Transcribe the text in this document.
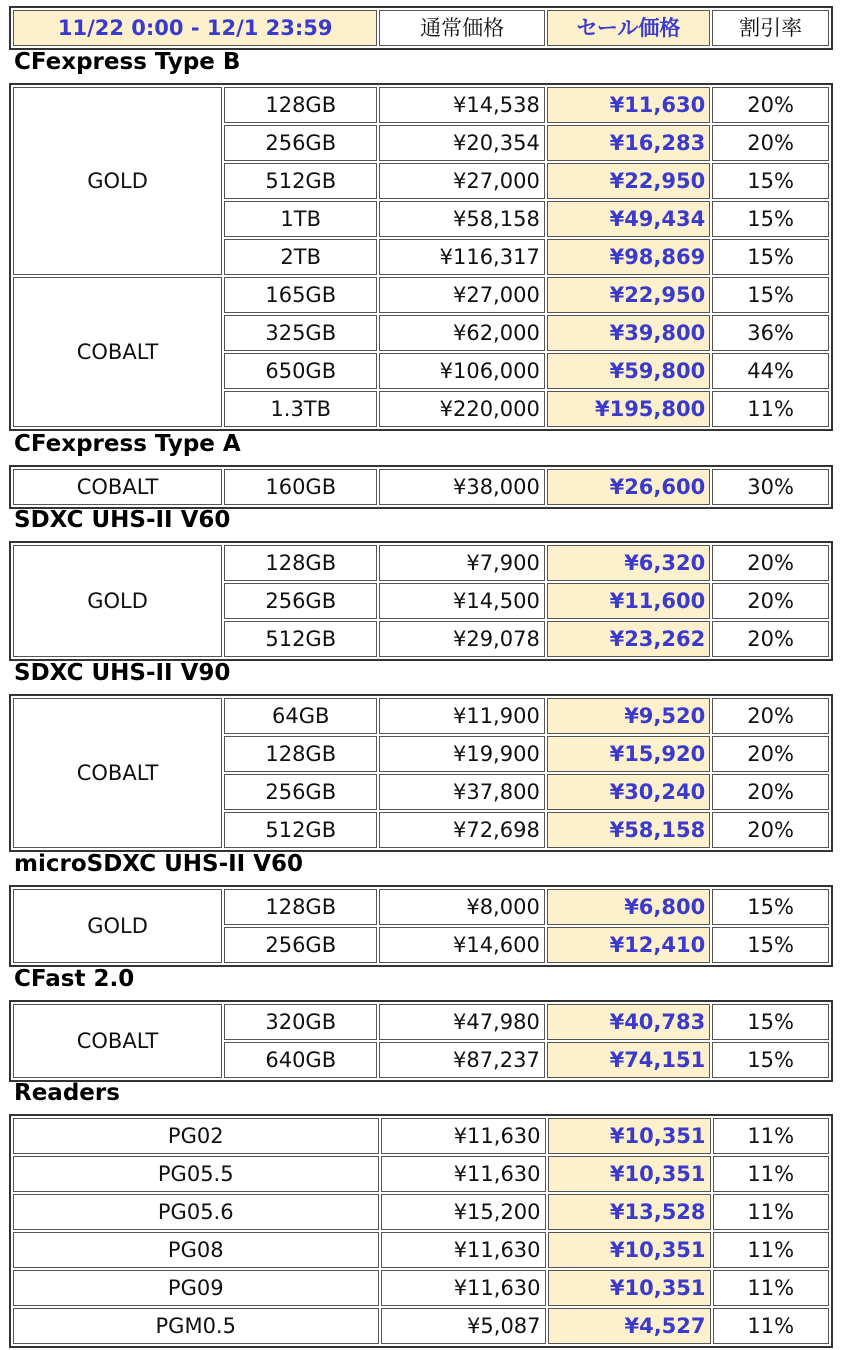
11/22 0:00 - 12/1 23:59	通常価格	セール価格	割引率
CFexpress Type B
GOLD	128GB	¥14,538	¥11,630	20%
	256GB	¥20,354	¥16,283	20%
	512GB	¥27,000	¥22,950	15%
	1TB	¥58,158	¥49,434	15%
	2TB	¥116,317	¥98,869	15%
COBALT	165GB	¥27,000	¥22,950	15%
	325GB	¥62,000	¥39,800	36%
	650GB	¥106,000	¥59,800	44%
	1.3TB	¥220,000	¥195,800	11%
CFexpress Type A
COBALT	160GB	¥38,000	¥26,600	30%
SDXC UHS-II V60
GOLD	128GB	¥7,900	¥6,320	20%
	256GB	¥14,500	¥11,600	20%
	512GB	¥29,078	¥23,262	20%
SDXC UHS-II V90
COBALT	64GB	¥11,900	¥9,520	20%
	128GB	¥19,900	¥15,920	20%
	256GB	¥37,800	¥30,240	20%
	512GB	¥72,698	¥58,158	20%
microSDXC UHS-II V60
GOLD	128GB	¥8,000	¥6,800	15%
	256GB	¥14,600	¥12,410	15%
CFast 2.0
COBALT	320GB	¥47,980	¥40,783	15%
	640GB	¥87,237	¥74,151	15%
Readers
PG02	¥11,630	¥10,351	11%
PG05.5	¥11,630	¥10,351	11%
PG05.6	¥15,200	¥13,528	11%
PG08	¥11,630	¥10,351	11%
PG09	¥11,630	¥10,351	11%
PGM0.5	¥5,087	¥4,527	11%
